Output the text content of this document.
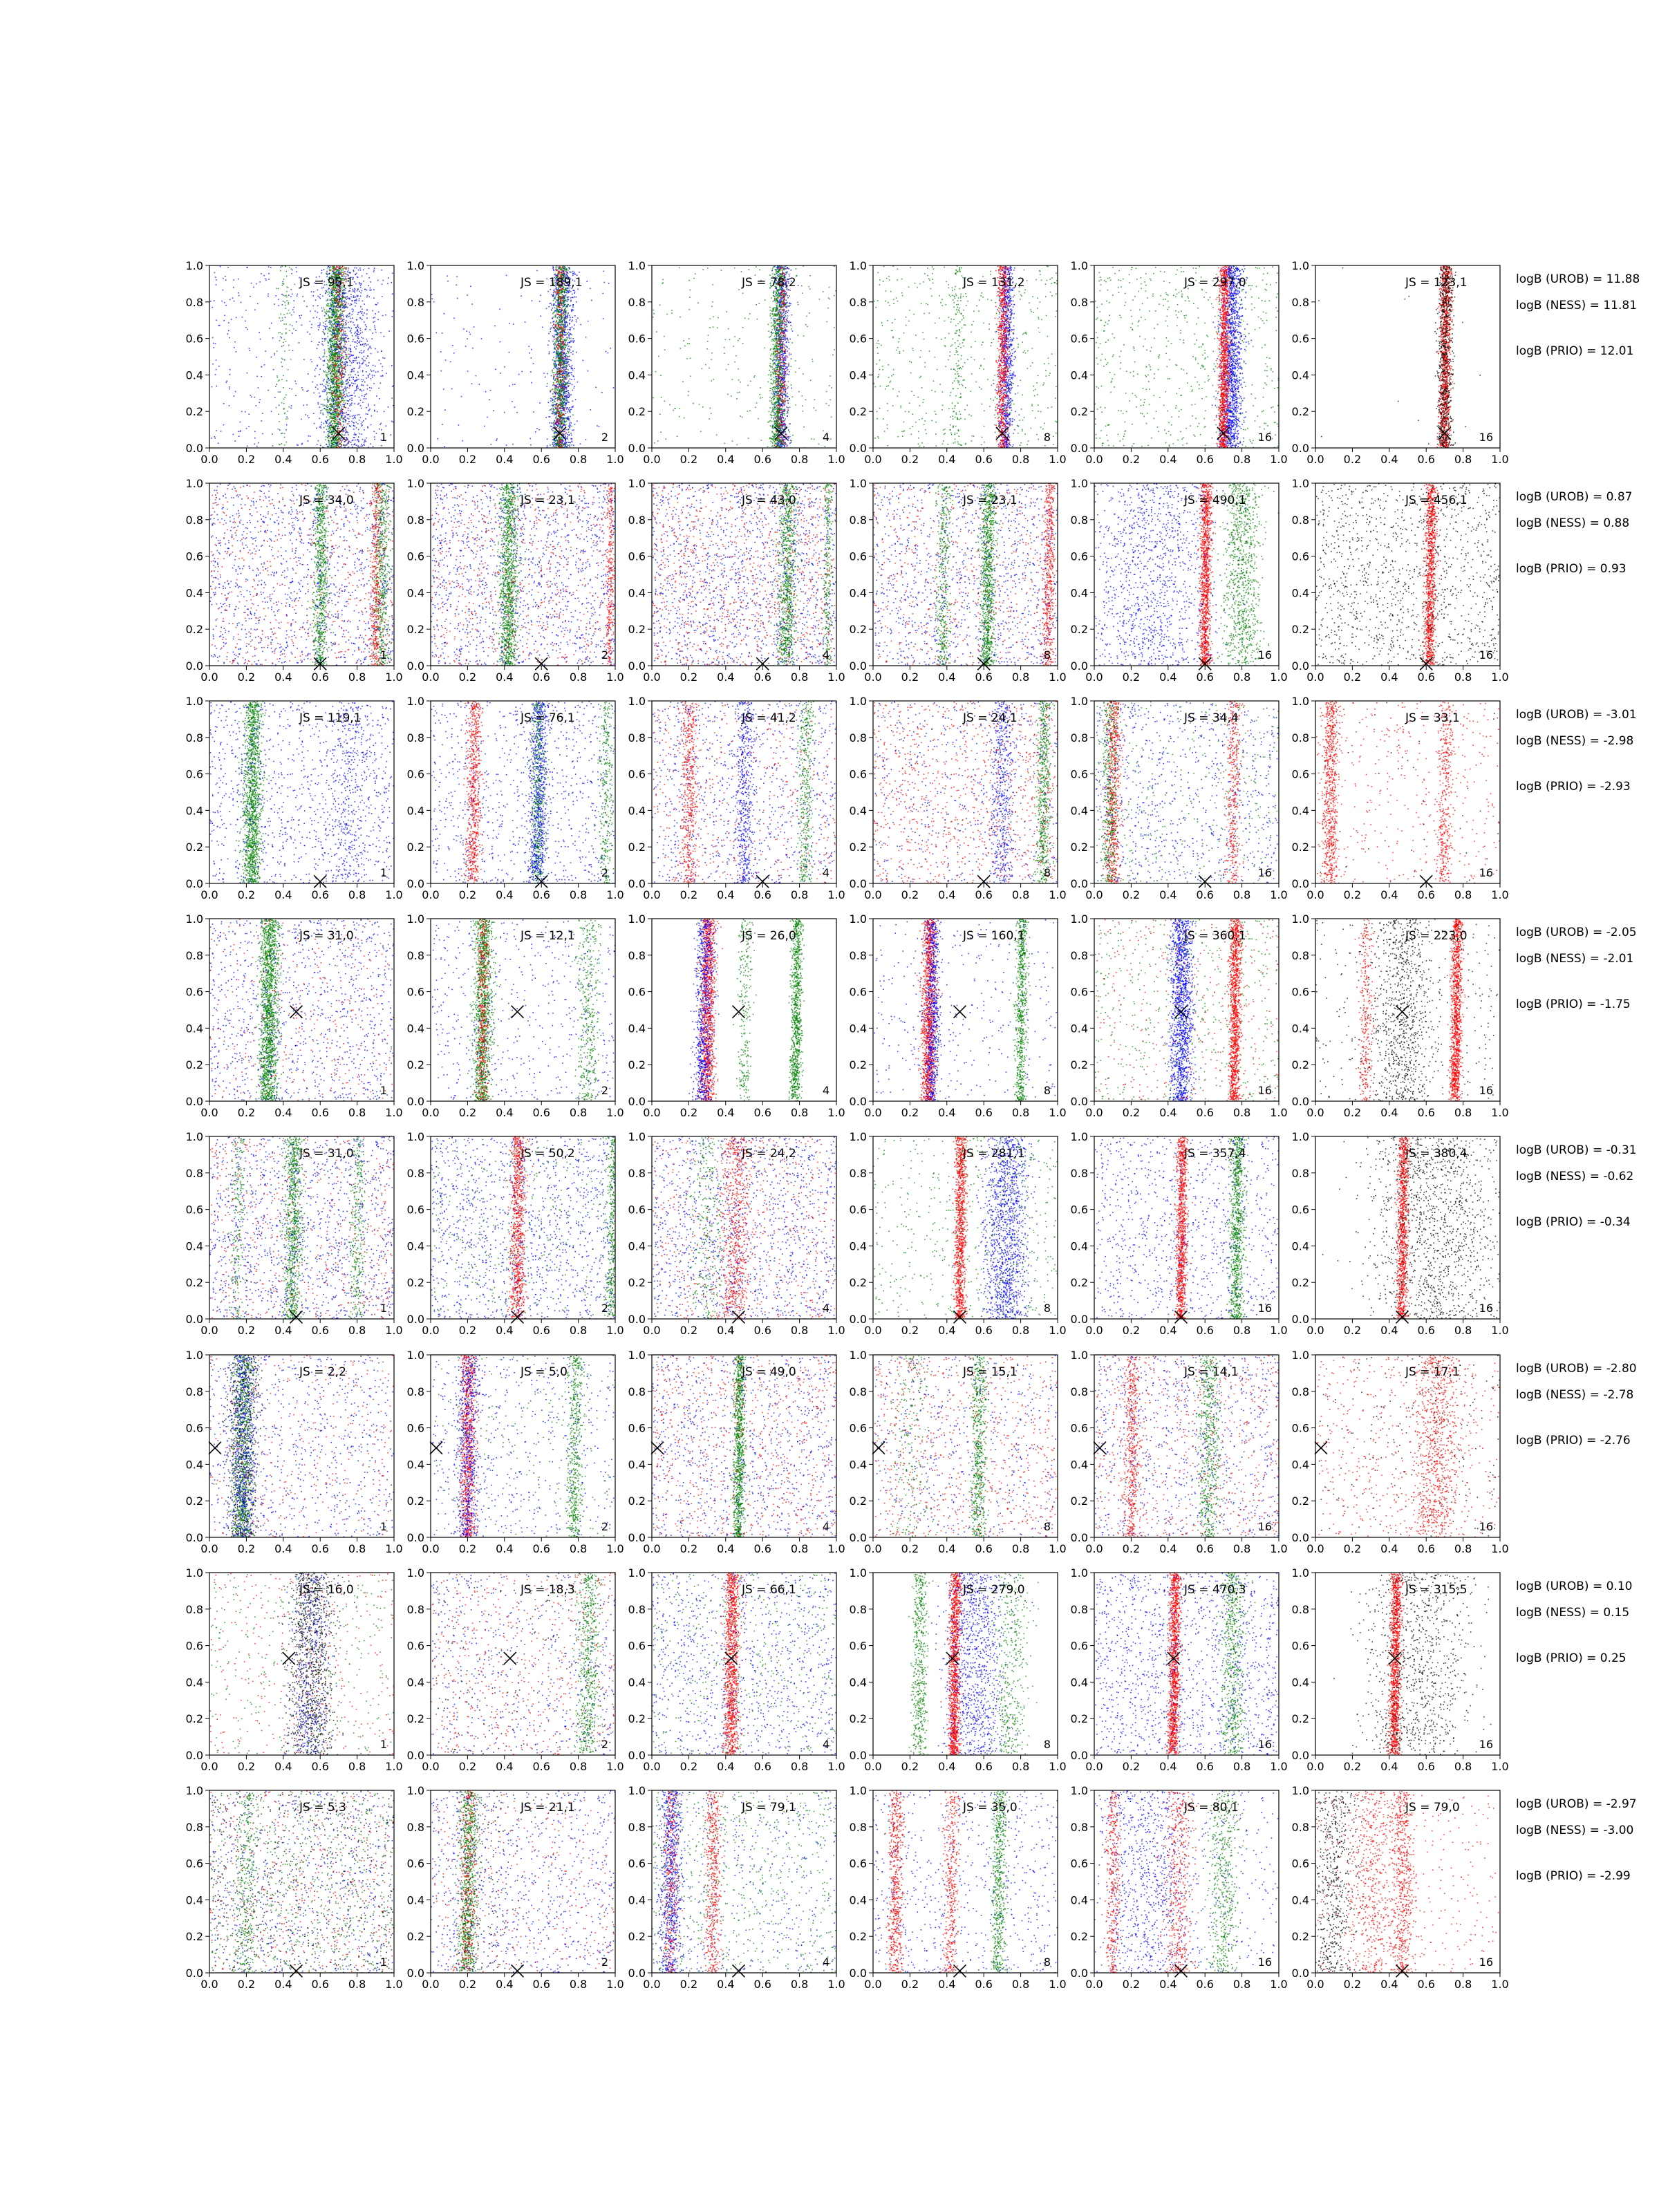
0.0
0.0
0.2
0.2
0.4
0.4
0.6
0.6
0.8
0.8
1.0
1.0
JS = 95,1
1
0.0
0.0
0.2
0.2
0.4
0.4
0.6
0.6
0.8
0.8
1.0
1.0
JS = 189,1
2
0.0
0.0
0.2
0.2
0.4
0.4
0.6
0.6
0.8
0.8
1.0
1.0
JS = 78,2
4
0.0
0.0
0.2
0.2
0.4
0.4
0.6
0.6
0.8
0.8
1.0
1.0
JS = 131,2
8
0.0
0.0
0.2
0.2
0.4
0.4
0.6
0.6
0.8
0.8
1.0
1.0
JS = 297,0
16
0.0
0.0
0.2
0.2
0.4
0.4
0.6
0.6
0.8
0.8
1.0
1.0
JS = 123,1
16
0.0
0.0
0.2
0.2
0.4
0.4
0.6
0.6
0.8
0.8
1.0
1.0
JS = 34,0
1
0.0
0.0
0.2
0.2
0.4
0.4
0.6
0.6
0.8
0.8
1.0
1.0
JS = 23,1
2
0.0
0.0
0.2
0.2
0.4
0.4
0.6
0.6
0.8
0.8
1.0
1.0
JS = 43,0
4
0.0
0.0
0.2
0.2
0.4
0.4
0.6
0.6
0.8
0.8
1.0
1.0
JS = 23,1
8
0.0
0.0
0.2
0.2
0.4
0.4
0.6
0.6
0.8
0.8
1.0
1.0
JS = 490,1
16
0.0
0.0
0.2
0.2
0.4
0.4
0.6
0.6
0.8
0.8
1.0
1.0
JS = 456,1
16
0.0
0.0
0.2
0.2
0.4
0.4
0.6
0.6
0.8
0.8
1.0
1.0
JS = 119,1
1
0.0
0.0
0.2
0.2
0.4
0.4
0.6
0.6
0.8
0.8
1.0
1.0
JS = 76,1
2
0.0
0.0
0.2
0.2
0.4
0.4
0.6
0.6
0.8
0.8
1.0
1.0
JS = 41,2
4
0.0
0.0
0.2
0.2
0.4
0.4
0.6
0.6
0.8
0.8
1.0
1.0
JS = 24,1
8
0.0
0.0
0.2
0.2
0.4
0.4
0.6
0.6
0.8
0.8
1.0
1.0
JS = 34,4
16
0.0
0.0
0.2
0.2
0.4
0.4
0.6
0.6
0.8
0.8
1.0
1.0
JS = 33,1
16
0.0
0.0
0.2
0.2
0.4
0.4
0.6
0.6
0.8
0.8
1.0
1.0
JS = 31,0
1
0.0
0.0
0.2
0.2
0.4
0.4
0.6
0.6
0.8
0.8
1.0
1.0
JS = 12,1
2
0.0
0.0
0.2
0.2
0.4
0.4
0.6
0.6
0.8
0.8
1.0
1.0
JS = 26,0
4
0.0
0.0
0.2
0.2
0.4
0.4
0.6
0.6
0.8
0.8
1.0
1.0
JS = 160,1
8
0.0
0.0
0.2
0.2
0.4
0.4
0.6
0.6
0.8
0.8
1.0
1.0
JS = 360,1
16
0.0
0.0
0.2
0.2
0.4
0.4
0.6
0.6
0.8
0.8
1.0
1.0
JS = 223,0
16
0.0
0.0
0.2
0.2
0.4
0.4
0.6
0.6
0.8
0.8
1.0
1.0
JS = 31,0
1
0.0
0.0
0.2
0.2
0.4
0.4
0.6
0.6
0.8
0.8
1.0
1.0
JS = 50,2
2
0.0
0.0
0.2
0.2
0.4
0.4
0.6
0.6
0.8
0.8
1.0
1.0
JS = 24,2
4
0.0
0.0
0.2
0.2
0.4
0.4
0.6
0.6
0.8
0.8
1.0
1.0
JS = 281,1
8
0.0
0.0
0.2
0.2
0.4
0.4
0.6
0.6
0.8
0.8
1.0
1.0
JS = 357,4
16
0.0
0.0
0.2
0.2
0.4
0.4
0.6
0.6
0.8
0.8
1.0
1.0
JS = 380,4
16
0.0
0.0
0.2
0.2
0.4
0.4
0.6
0.6
0.8
0.8
1.0
1.0
JS = 2,2
1
0.0
0.0
0.2
0.2
0.4
0.4
0.6
0.6
0.8
0.8
1.0
1.0
JS = 5,0
2
0.0
0.0
0.2
0.2
0.4
0.4
0.6
0.6
0.8
0.8
1.0
1.0
JS = 49,0
4
0.0
0.0
0.2
0.2
0.4
0.4
0.6
0.6
0.8
0.8
1.0
1.0
JS = 15,1
8
0.0
0.0
0.2
0.2
0.4
0.4
0.6
0.6
0.8
0.8
1.0
1.0
JS = 14,1
16
0.0
0.0
0.2
0.2
0.4
0.4
0.6
0.6
0.8
0.8
1.0
1.0
JS = 17,1
16
0.0
0.0
0.2
0.2
0.4
0.4
0.6
0.6
0.8
0.8
1.0
1.0
JS = 16,0
1
0.0
0.0
0.2
0.2
0.4
0.4
0.6
0.6
0.8
0.8
1.0
1.0
JS = 18,3
2
0.0
0.0
0.2
0.2
0.4
0.4
0.6
0.6
0.8
0.8
1.0
1.0
JS = 66,1
4
0.0
0.0
0.2
0.2
0.4
0.4
0.6
0.6
0.8
0.8
1.0
1.0
JS = 279,0
8
0.0
0.0
0.2
0.2
0.4
0.4
0.6
0.6
0.8
0.8
1.0
1.0
JS = 470,3
16
0.0
0.0
0.2
0.2
0.4
0.4
0.6
0.6
0.8
0.8
1.0
1.0
JS = 315,5
16
0.0
0.0
0.2
0.2
0.4
0.4
0.6
0.6
0.8
0.8
1.0
1.0
JS = 5,3
1
0.0
0.0
0.2
0.2
0.4
0.4
0.6
0.6
0.8
0.8
1.0
1.0
JS = 21,1
2
0.0
0.0
0.2
0.2
0.4
0.4
0.6
0.6
0.8
0.8
1.0
1.0
JS = 79,1
4
0.0
0.0
0.2
0.2
0.4
0.4
0.6
0.6
0.8
0.8
1.0
1.0
JS = 35,0
8
0.0
0.0
0.2
0.2
0.4
0.4
0.6
0.6
0.8
0.8
1.0
1.0
JS = 80,1
16
0.0
0.0
0.2
0.2
0.4
0.4
0.6
0.6
0.8
0.8
1.0
1.0
JS = 79,0
16
logB (UROB) = 11.88
logB (NESS) = 11.81
logB (PRIO) = 12.01
logB (UROB) = 0.87
logB (NESS) = 0.88
logB (PRIO) = 0.93
logB (UROB) = -3.01
logB (NESS) = -2.98
logB (PRIO) = -2.93
logB (UROB) = -2.05
logB (NESS) = -2.01
logB (PRIO) = -1.75
logB (UROB) = -0.31
logB (NESS) = -0.62
logB (PRIO) = -0.34
logB (UROB) = -2.80
logB (NESS) = -2.78
logB (PRIO) = -2.76
logB (UROB) = 0.10
logB (NESS) = 0.15
logB (PRIO) = 0.25
logB (UROB) = -2.97
logB (NESS) = -3.00
logB (PRIO) = -2.99
